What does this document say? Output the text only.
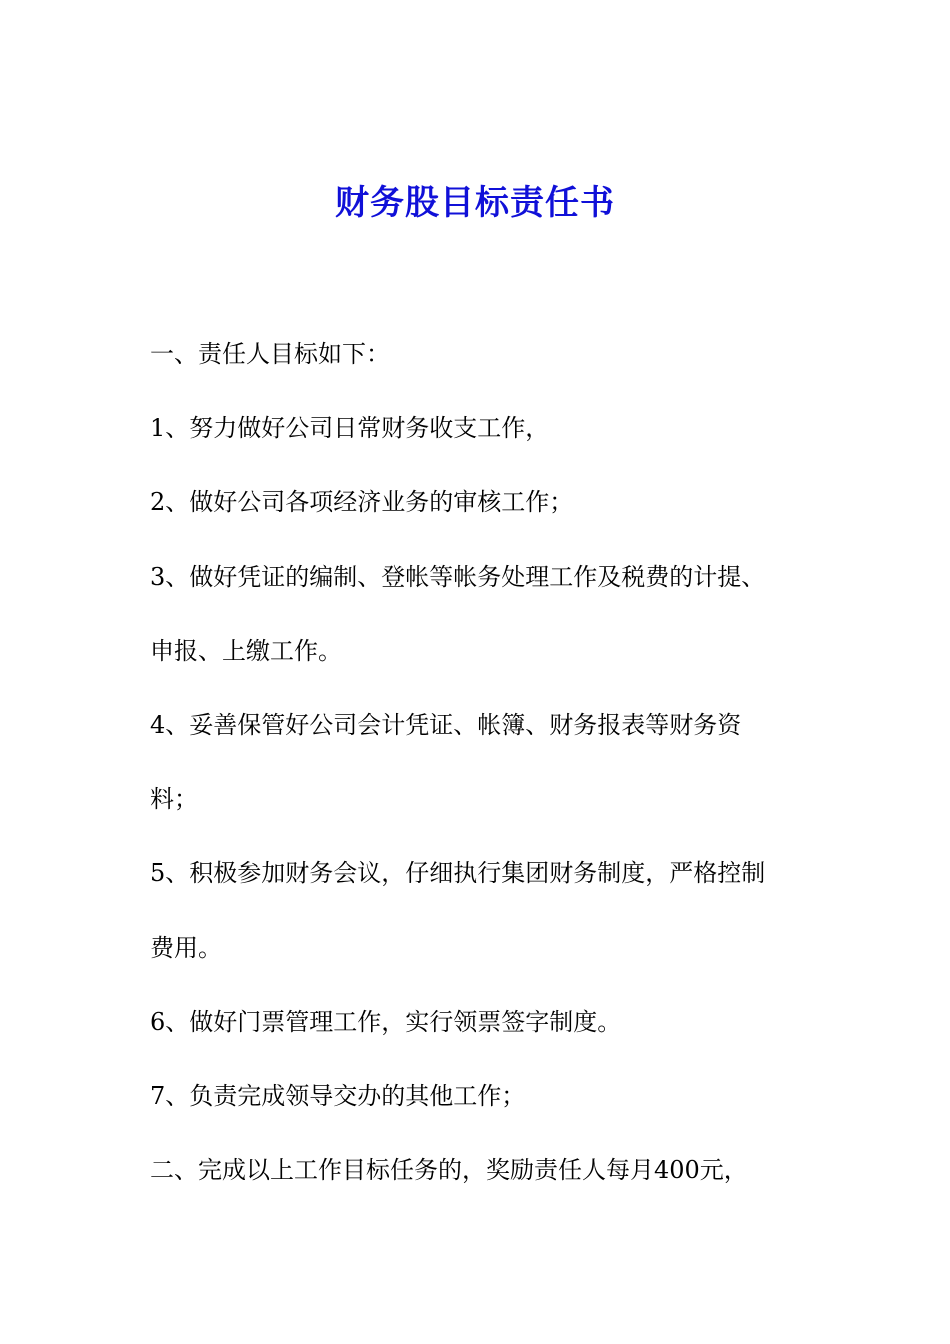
财务股目标责任书

一、责任人目标如下：

1、努力做好公司日常财务收支工作，

2、做好公司各项经济业务的审核工作；

3、做好凭证的编制、登帐等帐务处理工作及税费的计提、

申报、上缴工作。

4、妥善保管好公司会计凭证、帐簿、财务报表等财务资

料；

5、积极参加财务会议，仔细执行集团财务制度，严格控制

费用。

6、做好门票管理工作，实行领票签字制度。

7、负责完成领导交办的其他工作；

二、完成以上工作目标任务的，奖励责任人每月400元，
